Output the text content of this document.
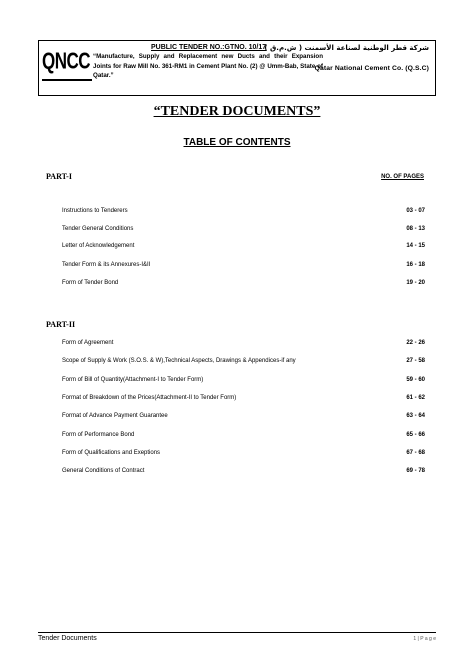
QNCC
PUBLIC TENDER NO.:GTNO. 10/17
“Manufacture, Supply and Replacement new Ducts and their Expansion Joints for Raw Mill No. 361-RM1 in Cement Plant No. (2) @ Umm-Bab, State of Qatar.”
شركة قطر الوطنية لصناعة الأسمنت ( ش.م.ق )
Qatar National Cement Co. (Q.S.C)
“TENDER DOCUMENTS”
TABLE OF CONTENTS
PART-I	NO. OF PAGES
Instructions to Tenderers	03 - 07
Tender General Conditions	08 - 13
Letter of Acknowledgement	14 - 15
Tender Form & its Annexures-I&II	16 - 18
Form of Tender Bond	19 - 20
PART-II
Form of Agreement	22 - 26
Scope of Supply & Work (S.O.S. & W),Technical Aspects, Drawings & Appendices-if any	27 - 58
Form of Bill of Quantity(Attachment-I to Tender Form)	59 - 60
Format of Breakdown of the Prices(Attachment-II to Tender Form)	61 - 62
Format of Advance Payment Guarantee	63 - 64
Form of Performance Bond	65 - 66
Form of Qualifications and Exeptions	67 - 68
General Conditions of Contract	69 - 78
Tender Documents	1 | P a g e
